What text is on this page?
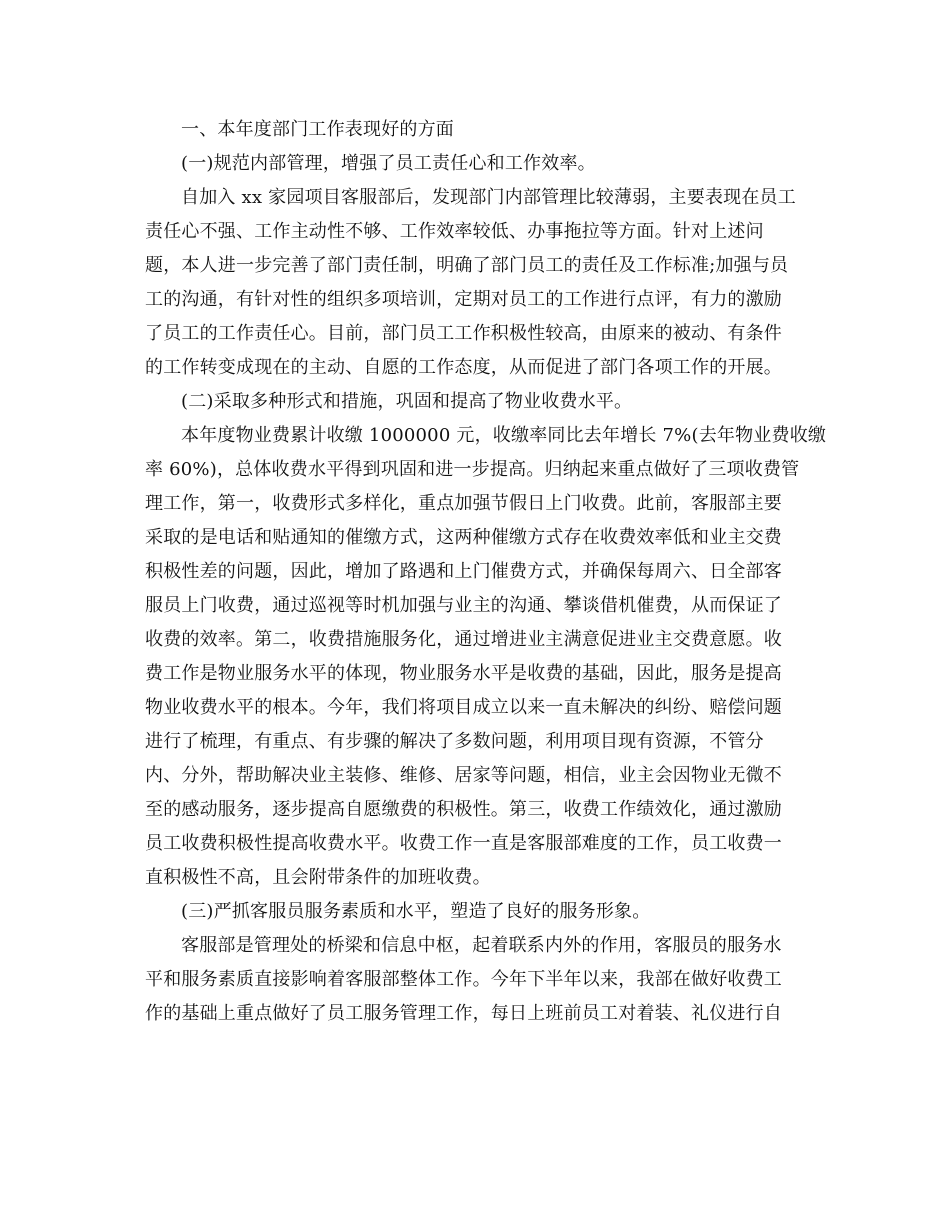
一、本年度部门工作表现好的方面
(一)规范内部管理，增强了员工责任心和工作效率。
自加入 xx 家园项目客服部后，发现部门内部管理比较薄弱，主要表现在员工
责任心不强、工作主动性不够、工作效率较低、办事拖拉等方面。针对上述问
题，本人进一步完善了部门责任制，明确了部门员工的责任及工作标准;加强与员
工的沟通，有针对性的组织多项培训，定期对员工的工作进行点评，有力的激励
了员工的工作责任心。目前，部门员工工作积极性较高，由原来的被动、有条件
的工作转变成现在的主动、自愿的工作态度，从而促进了部门各项工作的开展。
(二)采取多种形式和措施，巩固和提高了物业收费水平。
本年度物业费累计收缴 1000000 元，收缴率同比去年增长 7%(去年物业费收缴
率 60%)，总体收费水平得到巩固和进一步提高。归纳起来重点做好了三项收费管
理工作，第一，收费形式多样化，重点加强节假日上门收费。此前，客服部主要
采取的是电话和贴通知的催缴方式，这两种催缴方式存在收费效率低和业主交费
积极性差的问题，因此，增加了路遇和上门催费方式，并确保每周六、日全部客
服员上门收费，通过巡视等时机加强与业主的沟通、攀谈借机催费，从而保证了
收费的效率。第二，收费措施服务化，通过增进业主满意促进业主交费意愿。收
费工作是物业服务水平的体现，物业服务水平是收费的基础，因此，服务是提高
物业收费水平的根本。今年，我们将项目成立以来一直未解决的纠纷、赔偿问题
进行了梳理，有重点、有步骤的解决了多数问题，利用项目现有资源，不管分
内、分外，帮助解决业主装修、维修、居家等问题，相信，业主会因物业无微不
至的感动服务，逐步提高自愿缴费的积极性。第三，收费工作绩效化，通过激励
员工收费积极性提高收费水平。收费工作一直是客服部难度的工作，员工收费一
直积极性不高，且会附带条件的加班收费。
(三)严抓客服员服务素质和水平，塑造了良好的服务形象。
客服部是管理处的桥梁和信息中枢，起着联系内外的作用，客服员的服务水
平和服务素质直接影响着客服部整体工作。今年下半年以来，我部在做好收费工
作的基础上重点做好了员工服务管理工作，每日上班前员工对着装、礼仪进行自
